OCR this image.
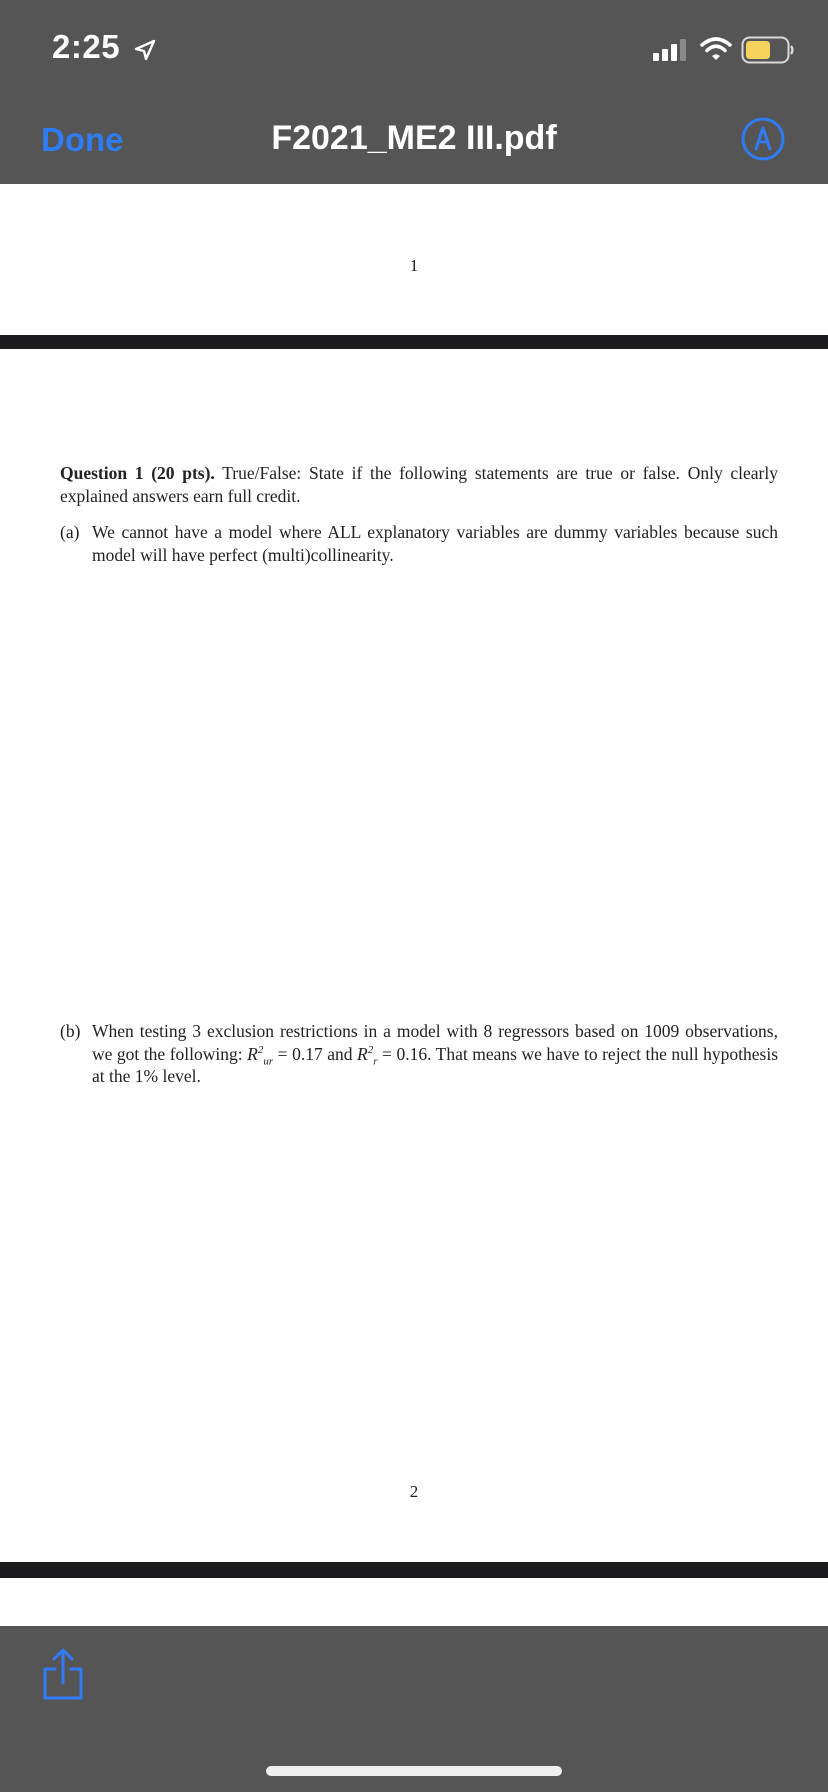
2:25
Done	F2021_ME2 III.pdf
1
Question 1 (20 pts). True/False: State if the following statements are true or false. Only clearly explained answers earn full credit.
(a) We cannot have a model where ALL explanatory variables are dummy variables because such model will have perfect (multi)collinearity.
(b) When testing 3 exclusion restrictions in a model with 8 regressors based on 1009 observations, we got the following: $R^2_{ur} = 0.17$ and $R^2_r = 0.16$. That means we have to reject the null hypothesis at the 1% level.
2
